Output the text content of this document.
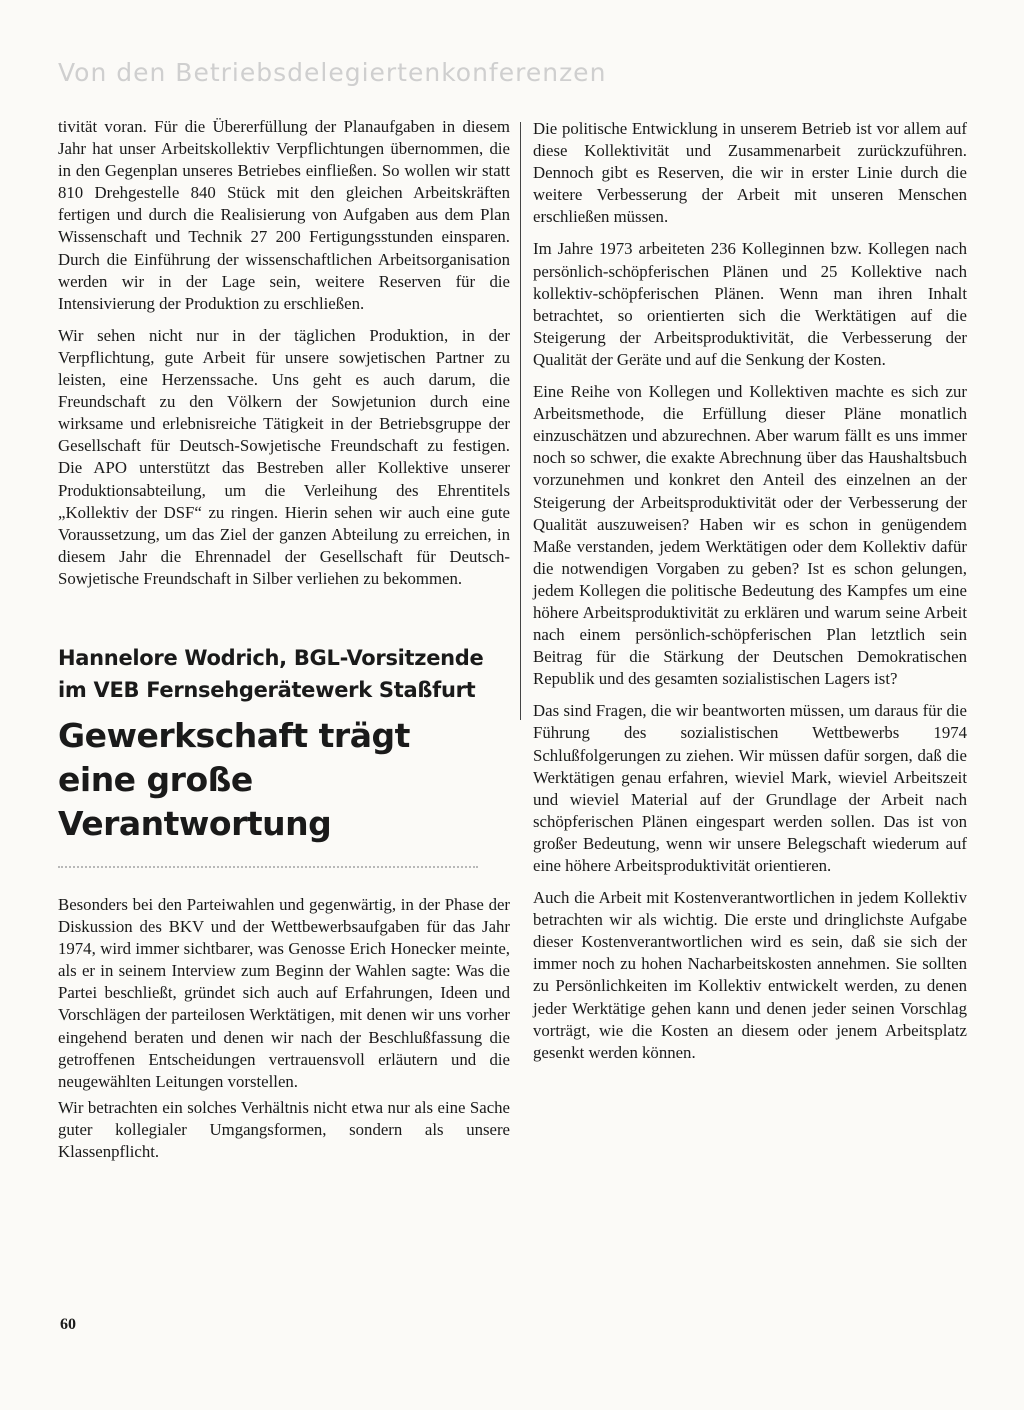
Von den Betriebsdelegiertenkonferenzen

tivität voran. Für die Übererfüllung der Planaufgaben in diesem Jahr hat unser Arbeitskollektiv Verpflichtungen übernommen, die in den Gegenplan unseres Betriebes einfließen. So wollen wir statt 810 Drehgestelle 840 Stück mit den gleichen Arbeitskräften fertigen und durch die Realisierung von Aufgaben aus dem Plan Wissenschaft und Technik 27 200 Fertigungsstunden einsparen. Durch die Einführung der wissenschaftlichen Arbeitsorganisation werden wir in der Lage sein, weitere Reserven für die Intensivierung der Produktion zu erschließen.

Wir sehen nicht nur in der täglichen Produktion, in der Verpflichtung, gute Arbeit für unsere sowjetischen Partner zu leisten, eine Herzenssache. Uns geht es auch darum, die Freundschaft zu den Völkern der Sowjetunion durch eine wirksame und erlebnisreiche Tätigkeit in der Betriebsgruppe der Gesellschaft für Deutsch-Sowjetische Freundschaft zu festigen. Die APO unterstützt das Bestreben aller Kollektive unserer Produktionsabteilung, um die Verleihung des Ehrentitels „Kollektiv der DSF“ zu ringen. Hierin sehen wir auch eine gute Voraussetzung, um das Ziel der ganzen Abteilung zu erreichen, in diesem Jahr die Ehrennadel der Gesellschaft für Deutsch-Sowjetische Freundschaft in Silber verliehen zu bekommen.

Hannelore Wodrich, BGL-Vorsitzende
im VEB Fernsehgerätewerk Staßfurt
Gewerkschaft trägt
eine große Verantwortung

Besonders bei den Parteiwahlen und gegenwärtig, in der Phase der Diskussion des BKV und der Wettbewerbsaufgaben für das Jahr 1974, wird immer sichtbarer, was Genosse Erich Honecker meinte, als er in seinem Interview zum Beginn der Wahlen sagte: Was die Partei beschließt, gründet sich auch auf Erfahrungen, Ideen und Vorschlägen der parteilosen Werktätigen, mit denen wir uns vorher eingehend beraten und denen wir nach der Beschlußfassung die getroffenen Entscheidungen vertrauensvoll erläutern und die neugewählten Leitungen vorstellen.

Wir betrachten ein solches Verhältnis nicht etwa nur als eine Sache guter kollegialer Umgangsformen, sondern als unsere Klassenpflicht.

Die politische Entwicklung in unserem Betrieb ist vor allem auf diese Kollektivität und Zusammenarbeit zurückzuführen. Dennoch gibt es Reserven, die wir in erster Linie durch die weitere Verbesserung der Arbeit mit unseren Menschen erschließen müssen.

Im Jahre 1973 arbeiteten 236 Kolleginnen bzw. Kollegen nach persönlich-schöpferischen Plänen und 25 Kollektive nach kollektiv-schöpferischen Plänen. Wenn man ihren Inhalt betrachtet, so orientierten sich die Werktätigen auf die Steigerung der Arbeitsproduktivität, die Verbesserung der Qualität der Geräte und auf die Senkung der Kosten.

Eine Reihe von Kollegen und Kollektiven machte es sich zur Arbeitsmethode, die Erfüllung dieser Pläne monatlich einzuschätzen und abzurechnen. Aber warum fällt es uns immer noch so schwer, die exakte Abrechnung über das Haushaltsbuch vorzunehmen und konkret den Anteil des einzelnen an der Steigerung der Arbeitsproduktivität oder der Verbesserung der Qualität auszuweisen? Haben wir es schon in genügendem Maße verstanden, jedem Werktätigen oder dem Kollektiv dafür die notwendigen Vorgaben zu geben? Ist es schon gelungen, jedem Kollegen die politische Bedeutung des Kampfes um eine höhere Arbeitsproduktivität zu erklären und warum seine Arbeit nach einem persönlich-schöpferischen Plan letztlich sein Beitrag für die Stärkung der Deutschen Demokratischen Republik und des gesamten sozialistischen Lagers ist?

Das sind Fragen, die wir beantworten müssen, um daraus für die Führung des sozialistischen Wettbewerbs 1974 Schlußfolgerungen zu ziehen. Wir müssen dafür sorgen, daß die Werktätigen genau erfahren, wieviel Mark, wieviel Arbeitszeit und wieviel Material auf der Grundlage der Arbeit nach schöpferischen Plänen eingespart werden sollen. Das ist von großer Bedeutung, wenn wir unsere Belegschaft wiederum auf eine höhere Arbeitsproduktivität orientieren.

Auch die Arbeit mit Kostenverantwortlichen in jedem Kollektiv betrachten wir als wichtig. Die erste und dringlichste Aufgabe dieser Kostenverantwortlichen wird es sein, daß sie sich der immer noch zu hohen Nacharbeitskosten annehmen. Sie sollten zu Persönlichkeiten im Kollektiv entwickelt werden, zu denen jeder Werktätige gehen kann und denen jeder seinen Vorschlag vorträgt, wie die Kosten an diesem oder jenem Arbeitsplatz gesenkt werden können.

60
